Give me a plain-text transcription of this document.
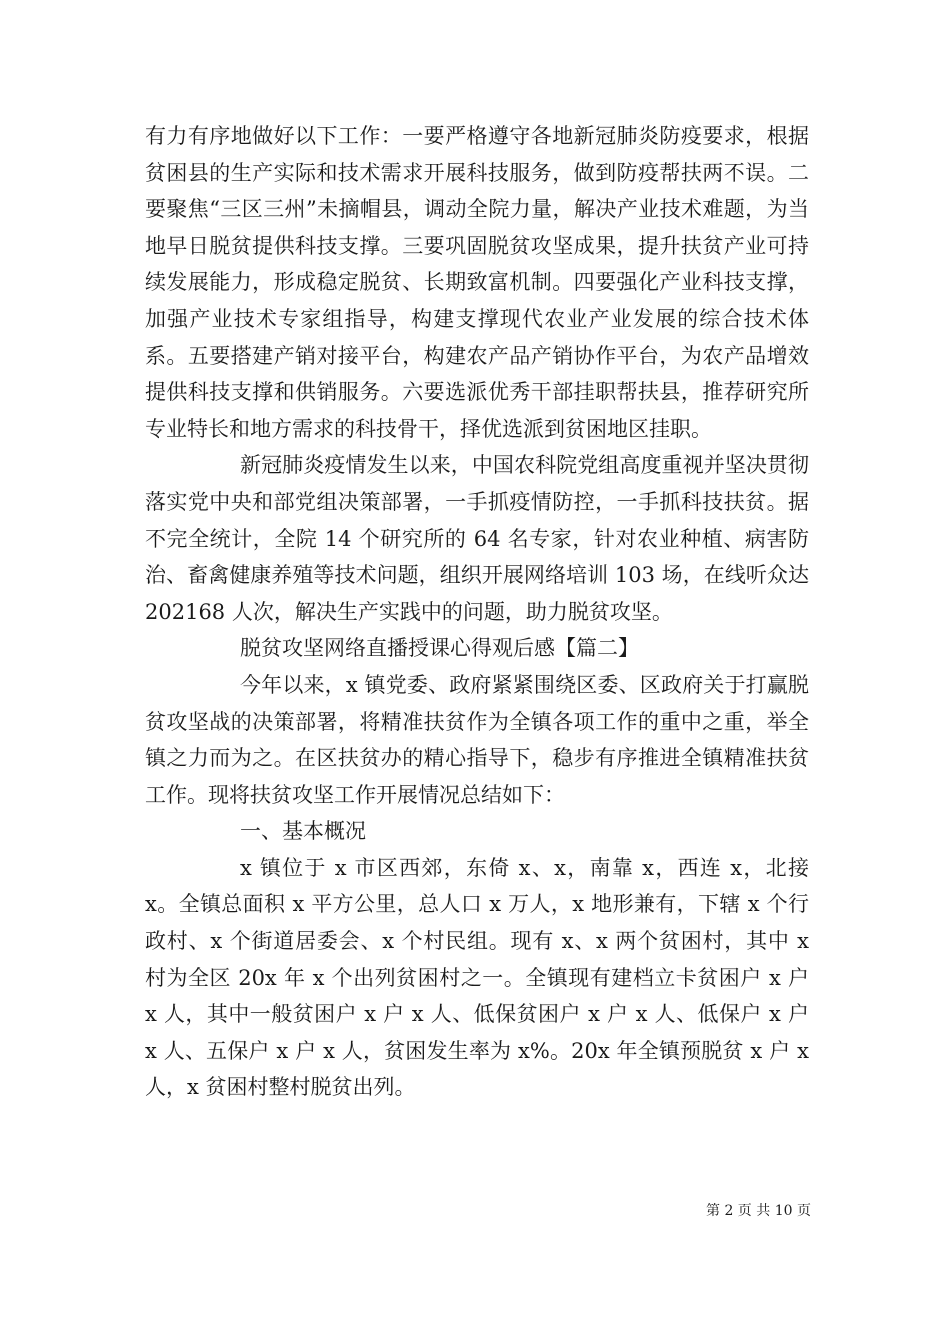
有力有序地做好以下工作：一要严格遵守各地新冠肺炎防疫要求，根据贫困县的生产实际和技术需求开展科技服务，做到防疫帮扶两不误。二要聚焦“三区三州”未摘帽县，调动全院力量，解决产业技术难题，为当地早日脱贫提供科技支撑。三要巩固脱贫攻坚成果，提升扶贫产业可持续发展能力，形成稳定脱贫、长期致富机制。四要强化产业科技支撑，加强产业技术专家组指导，构建支撑现代农业产业发展的综合技术体系。五要搭建产销对接平台，构建农产品产销协作平台，为农产品增效提供科技支撑和供销服务。六要选派优秀干部挂职帮扶县，推荐研究所专业特长和地方需求的科技骨干，择优选派到贫困地区挂职。

新冠肺炎疫情发生以来，中国农科院党组高度重视并坚决贯彻落实党中央和部党组决策部署，一手抓疫情防控，一手抓科技扶贫。据不完全统计，全院 14 个研究所的 64 名专家，针对农业种植、病害防治、畜禽健康养殖等技术问题，组织开展网络培训 103 场，在线听众达 202168 人次，解决生产实践中的问题，助力脱贫攻坚。

脱贫攻坚网络直播授课心得观后感【篇二】

今年以来，x 镇党委、政府紧紧围绕区委、区政府关于打赢脱贫攻坚战的决策部署，将精准扶贫作为全镇各项工作的重中之重，举全镇之力而为之。在区扶贫办的精心指导下，稳步有序推进全镇精准扶贫工作。现将扶贫攻坚工作开展情况总结如下：

一、基本概况

x 镇位于 x 市区西郊，东倚 x、x，南靠 x，西连 x，北接 x。全镇总面积 x 平方公里，总人口 x 万人，x 地形兼有，下辖 x 个行政村、x 个街道居委会、x 个村民组。现有 x、x 两个贫困村，其中 x 村为全区 20x 年 x 个出列贫困村之一。全镇现有建档立卡贫困户 x 户 x 人，其中一般贫困户 x 户 x 人、低保贫困户 x 户 x 人、低保户 x 户 x 人、五保户 x 户 x 人，贫困发生率为 x%。20x 年全镇预脱贫 x 户 x 人，x 贫困村整村脱贫出列。

第 2 页 共 10 页
